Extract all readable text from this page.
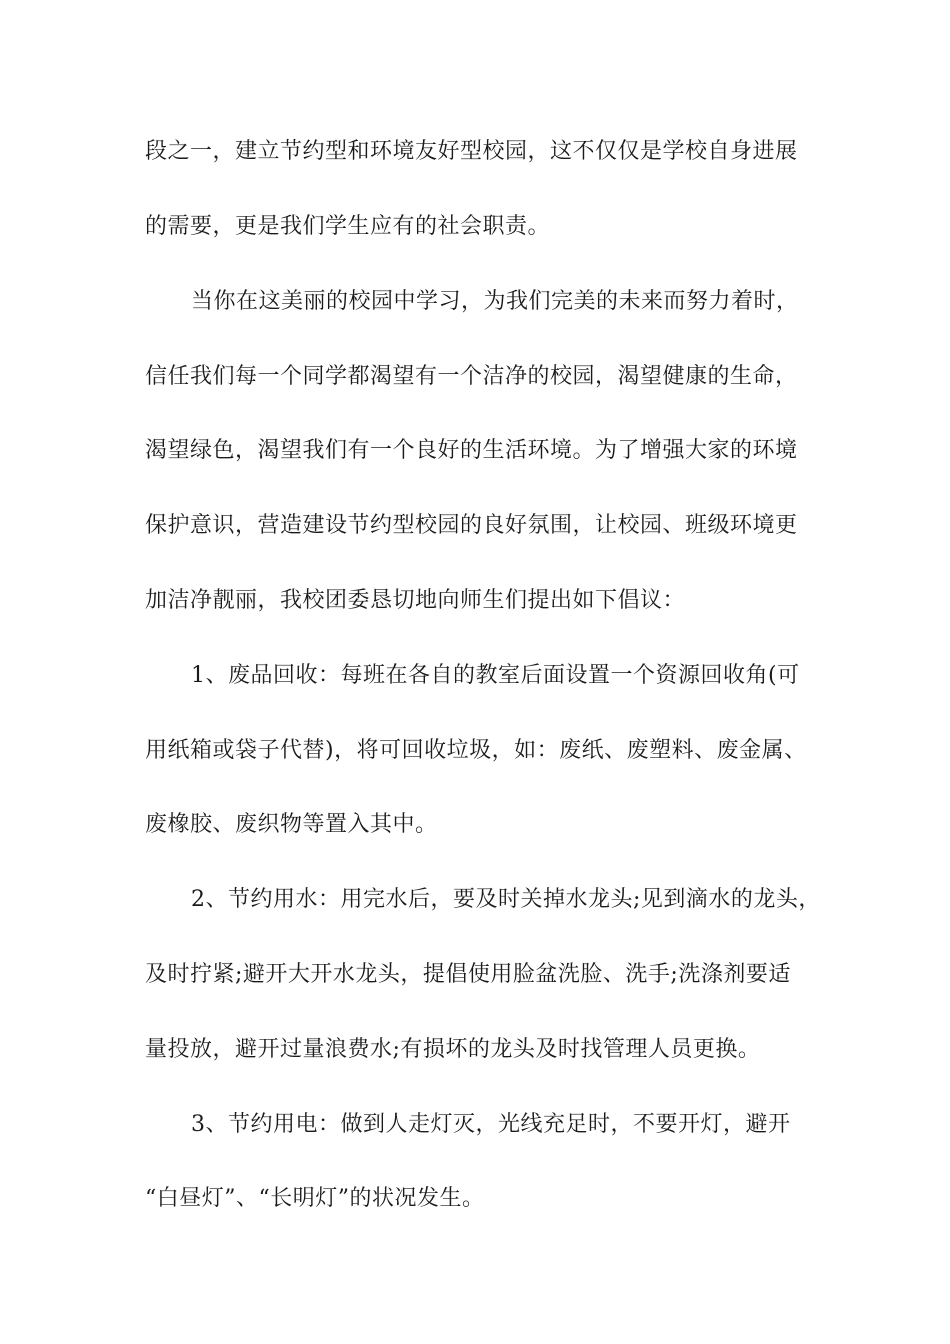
段之一，建立节约型和环境友好型校园，这不仅仅是学校自身进展
的需要，更是我们学生应有的社会职责。
当你在这美丽的校园中学习，为我们完美的未来而努力着时，
信任我们每一个同学都渴望有一个洁净的校园，渴望健康的生命，
渴望绿色，渴望我们有一个良好的生活环境。为了增强大家的环境
保护意识，营造建设节约型校园的良好氛围，让校园、班级环境更
加洁净靓丽，我校团委恳切地向师生们提出如下倡议：
1、废品回收：每班在各自的教室后面设置一个资源回收角(可
用纸箱或袋子代替)，将可回收垃圾，如：废纸、废塑料、废金属、
废橡胶、废织物等置入其中。
2、节约用水：用完水后，要及时关掉水龙头;见到滴水的龙头，
及时拧紧;避开大开水龙头，提倡使用脸盆洗脸、洗手;洗涤剂要适
量投放，避开过量浪费水;有损坏的龙头及时找管理人员更换。
3、节约用电：做到人走灯灭，光线充足时，不要开灯，避开
“白昼灯”、“长明灯”的状况发生。
